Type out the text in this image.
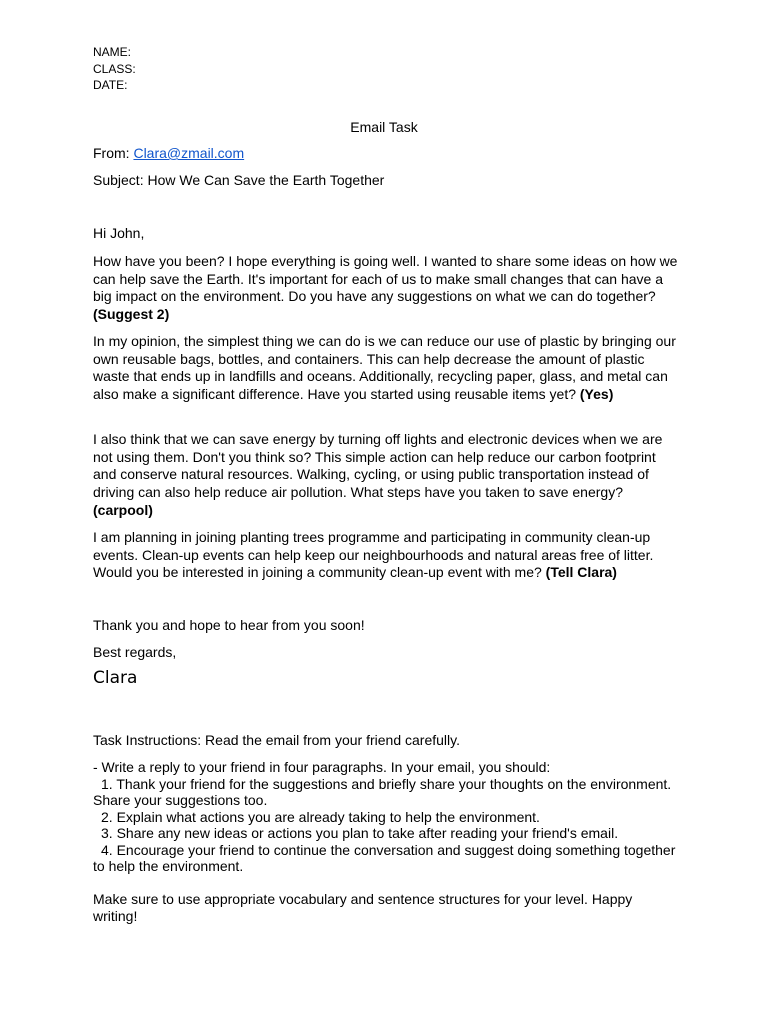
NAME:
CLASS:
DATE:
Email Task
From: Clara@zmail.com
Subject: How We Can Save the Earth Together
Hi John,
How have you been? I hope everything is going well. I wanted to share some ideas on how we can help save the Earth. It's important for each of us to make small changes that can have a big impact on the environment. Do you have any suggestions on what we can do together? (Suggest 2)
In my opinion, the simplest thing we can do is we can reduce our use of plastic by bringing our own reusable bags, bottles, and containers. This can help decrease the amount of plastic waste that ends up in landfills and oceans. Additionally, recycling paper, glass, and metal can also make a significant difference. Have you started using reusable items yet? (Yes)
I also think that we can save energy by turning off lights and electronic devices when we are not using them. Don't you think so? This simple action can help reduce our carbon footprint and conserve natural resources. Walking, cycling, or using public transportation instead of driving can also help reduce air pollution. What steps have you taken to save energy? (carpool)
I am planning in joining planting trees programme and participating in community clean-up events. Clean-up events can help keep our neighbourhoods and natural areas free of litter. Would you be interested in joining a community clean-up event with me? (Tell Clara)
Thank you and hope to hear from you soon!
Best regards,
Clara
Task Instructions: Read the email from your friend carefully.
- Write a reply to your friend in four paragraphs. In your email, you should:
1. Thank your friend for the suggestions and briefly share your thoughts on the environment. Share your suggestions too.
2. Explain what actions you are already taking to help the environment.
3. Share any new ideas or actions you plan to take after reading your friend's email.
4. Encourage your friend to continue the conversation and suggest doing something together to help the environment.
Make sure to use appropriate vocabulary and sentence structures for your level. Happy writing!
